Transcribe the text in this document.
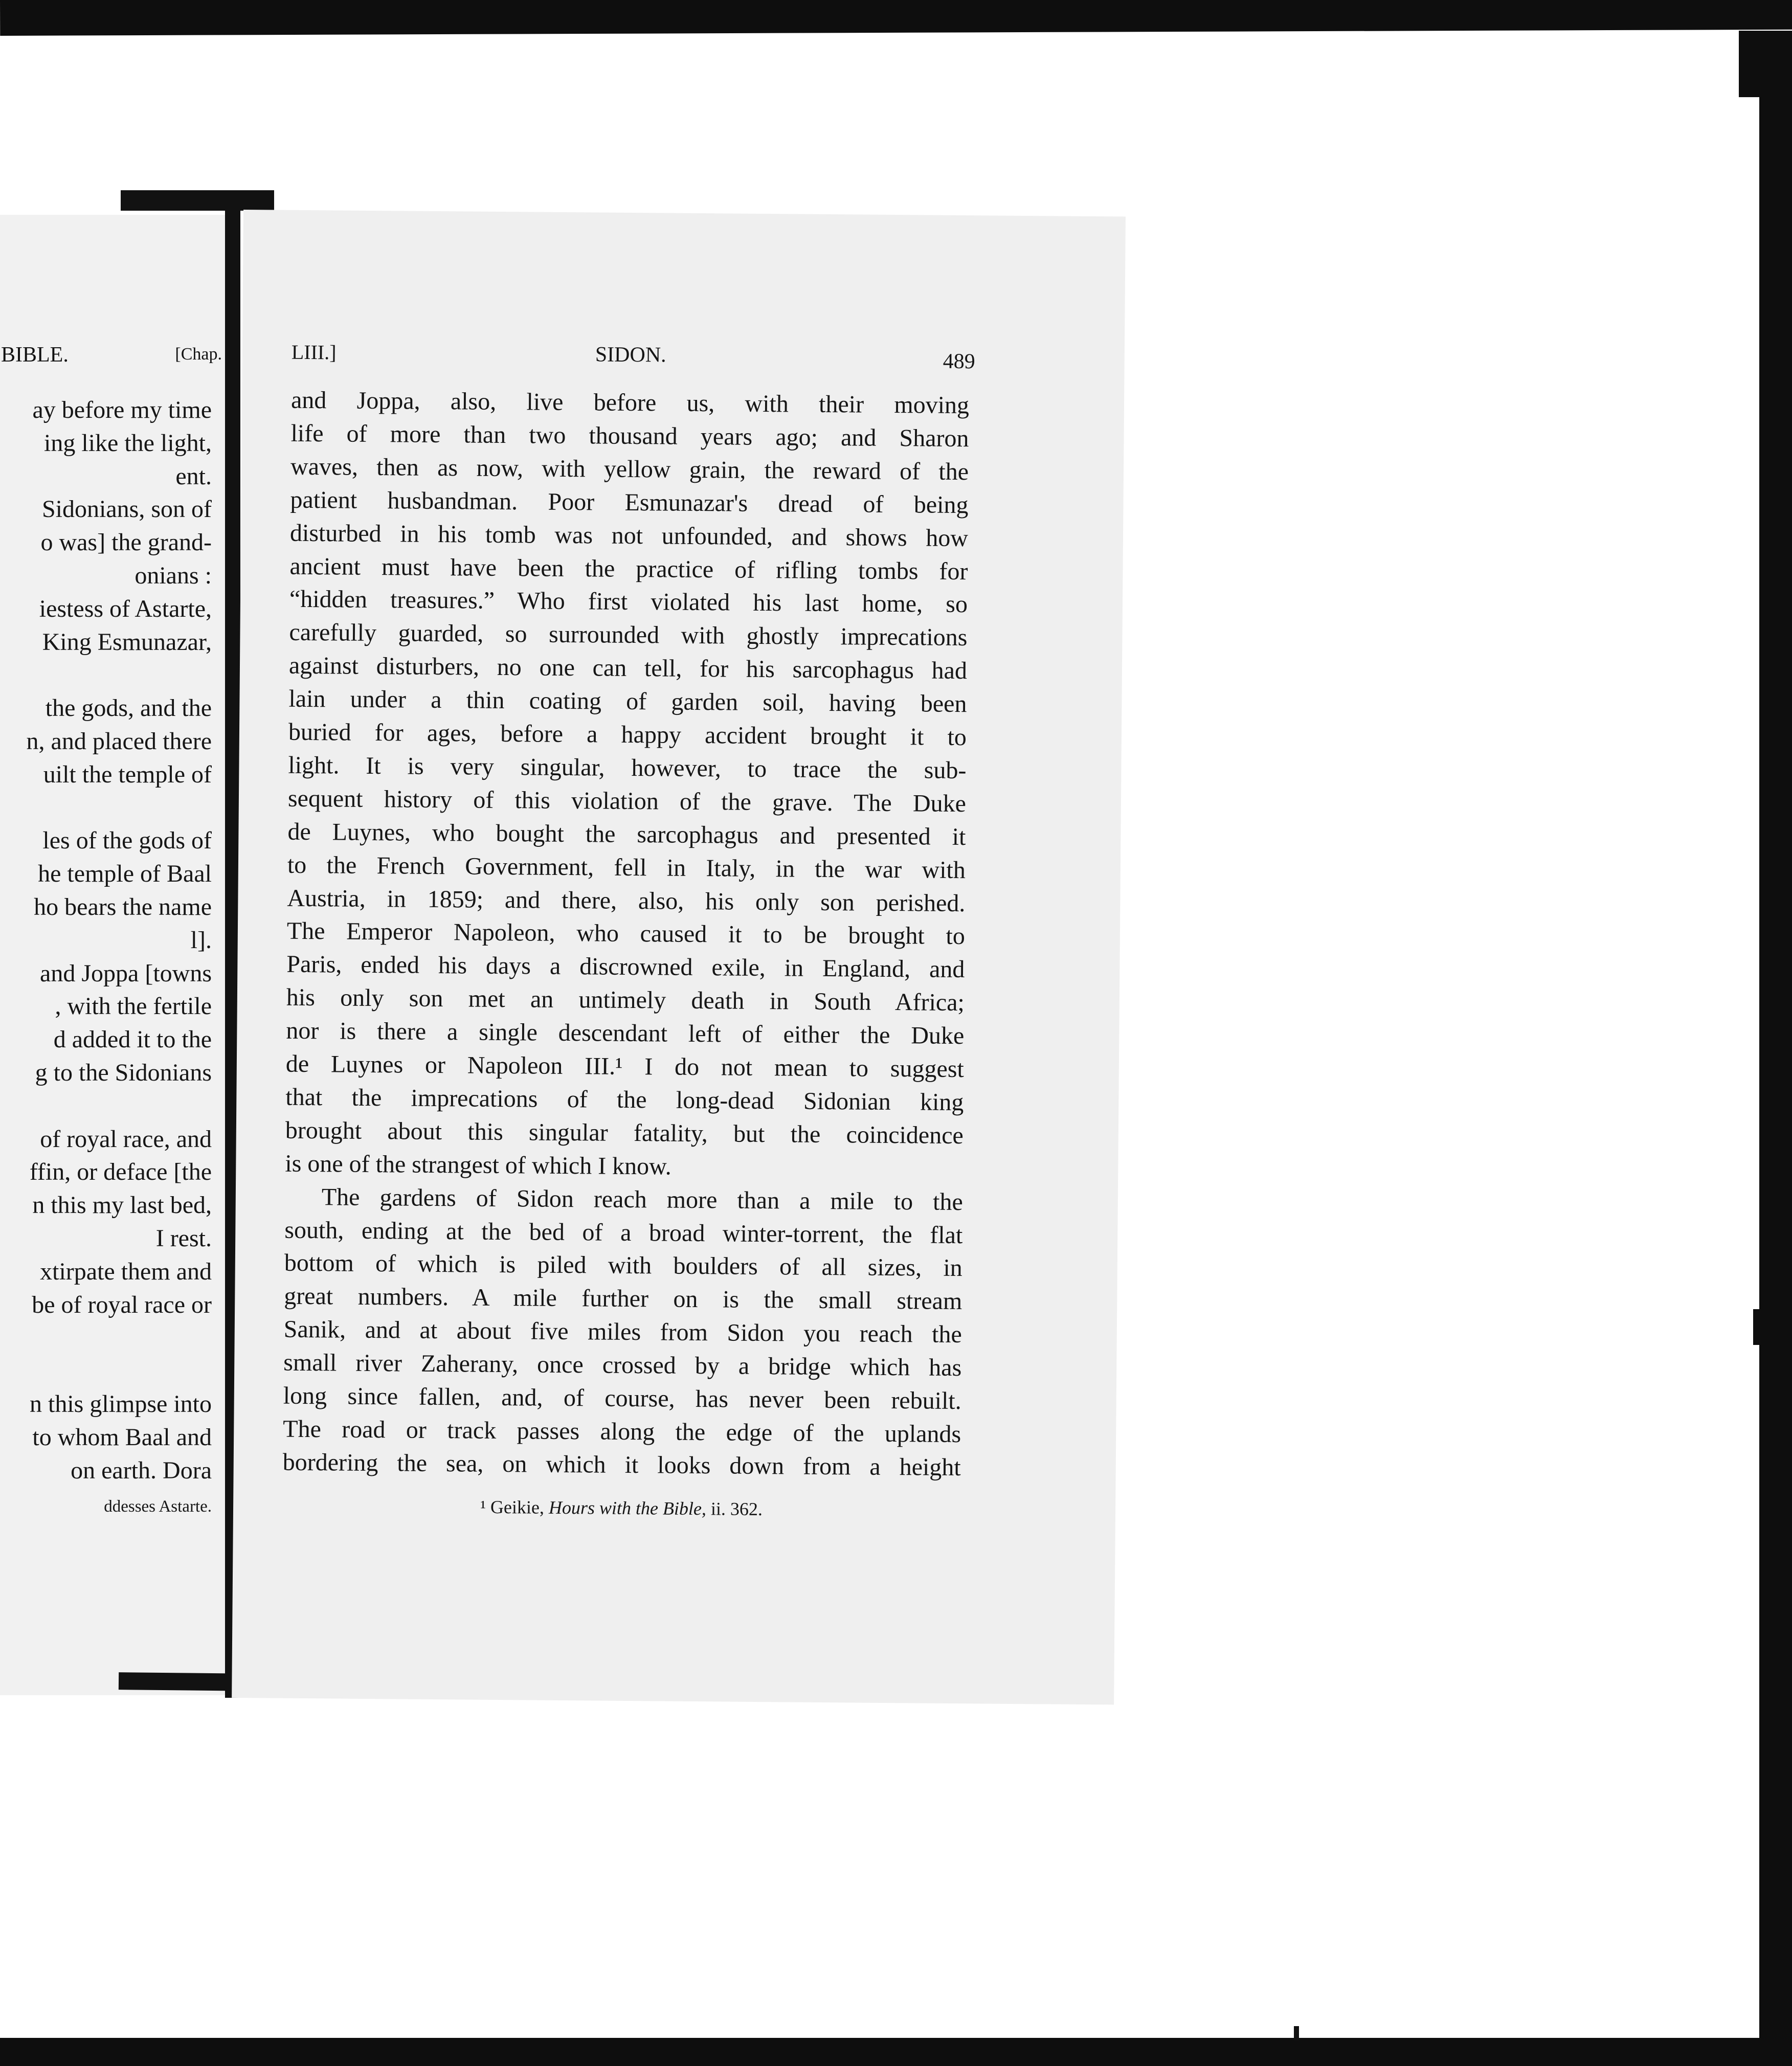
BIBLE.	[Chap.
ay before my time
ing like the light,
ent.
Sidonians, son of
o was] the grand-
onians :
iestess of Astarte,
King Esmunazar,
the gods, and the
n, and placed there
uilt the temple of
les of the gods of
he temple of Baal
ho bears the name
l].
and Joppa [towns
, with the fertile
d added it to the
g to the Sidonians
of royal race, and
ffin, or deface [the
n this my last bed,
I rest.
xtirpate them and
be of royal race or
n this glimpse into
to whom Baal and
on earth. Dora
ddesses Astarte.
LIII.]	SIDON.	489
and Joppa, also, live before us, with their moving
life of more than two thousand years ago; and Sharon
waves, then as now, with yellow grain, the reward of the
patient husbandman. Poor Esmunazar's dread of being
disturbed in his tomb was not unfounded, and shows how
ancient must have been the practice of rifling tombs for
“hidden treasures.” Who first violated his last home, so
carefully guarded, so surrounded with ghostly imprecations
against disturbers, no one can tell, for his sarcophagus had
lain under a thin coating of garden soil, having been
buried for ages, before a happy accident brought it to
light. It is very singular, however, to trace the sub-
sequent history of this violation of the grave. The Duke
de Luynes, who bought the sarcophagus and presented it
to the French Government, fell in Italy, in the war with
Austria, in 1859; and there, also, his only son perished.
The Emperor Napoleon, who caused it to be brought to
Paris, ended his days a discrowned exile, in England, and
his only son met an untimely death in South Africa;
nor is there a single descendant left of either the Duke
de Luynes or Napoleon III.¹ I do not mean to suggest
that the imprecations of the long-dead Sidonian king
brought about this singular fatality, but the coincidence
is one of the strangest of which I know.
The gardens of Sidon reach more than a mile to the
south, ending at the bed of a broad winter-torrent, the flat
bottom of which is piled with boulders of all sizes, in
great numbers. A mile further on is the small stream
Sanik, and at about five miles from Sidon you reach the
small river Zaherany, once crossed by a bridge which has
long since fallen, and, of course, has never been rebuilt.
The road or track passes along the edge of the uplands
bordering the sea, on which it looks down from a height
¹ Geikie, Hours with the Bible, ii. 362.
